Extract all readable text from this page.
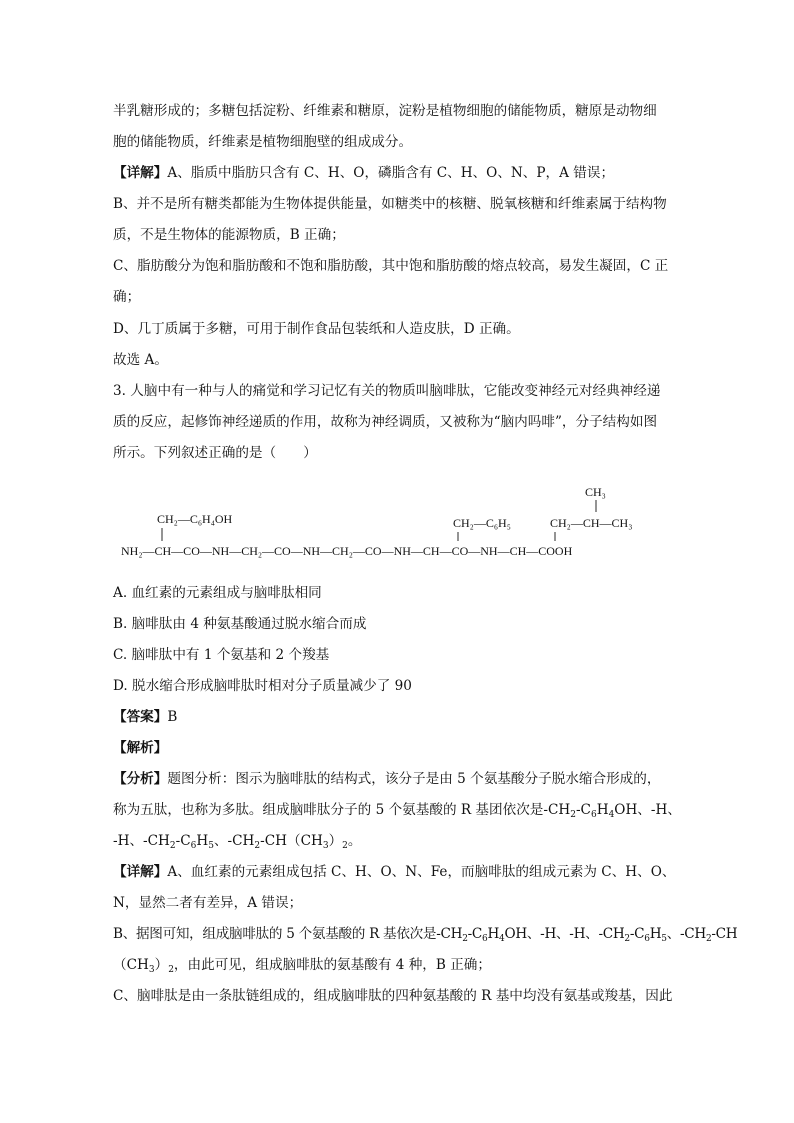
半乳糖形成的；多糖包括淀粉、纤维素和糖原，淀粉是植物细胞的储能物质，糖原是动物细
胞的储能物质，纤维素是植物细胞壁的组成成分。
【详解】A、脂质中脂肪只含有 C、H、O，磷脂含有 C、H、O、N、P，A 错误；
B、并不是所有糖类都能为生物体提供能量，如糖类中的核糖、脱氧核糖和纤维素属于结构物
质，不是生物体的能源物质，B 正确；
C、脂肪酸分为饱和脂肪酸和不饱和脂肪酸，其中饱和脂肪酸的熔点较高，易发生凝固，C 正
确；
D、几丁质属于多糖，可用于制作食品包装纸和人造皮肤，D 正确。
故选 A。
3. 人脑中有一种与人的痛觉和学习记忆有关的物质叫脑啡肽，它能改变神经元对经典神经递
质的反应，起修饰神经递质的作用，故称为神经调质，又被称为“脑内吗啡”，分子结构如图
所示。下列叙述正确的是（　　）
CH₃
CH₂—C₆H₄OH	CH₂—C₆H₅	CH₂—CH—CH₃
NH₂—CH—CO—NH—CH₂—CO—NH—CH₂—CO—NH—CH—CO—NH—CH—COOH
A. 血红素的元素组成与脑啡肽相同
B. 脑啡肽由 4 种氨基酸通过脱水缩合而成
C. 脑啡肽中有 1 个氨基和 2 个羧基
D. 脱水缩合形成脑啡肽时相对分子质量减少了 90
【答案】B
【解析】
【分析】题图分析：图示为脑啡肽的结构式，该分子是由 5 个氨基酸分子脱水缩合形成的，
称为五肽，也称为多肽。组成脑啡肽分子的 5 个氨基酸的 R 基团依次是$-CH_2-C_6H_4OH$、-H、
-H、$-CH_2-C_6H_5$、$-CH_2-CH(CH_3)_2$。
【详解】A、血红素的元素组成包括 C、H、O、N、Fe，而脑啡肽的组成元素为 C、H、O、
N，显然二者有差异，A 错误；
B、据图可知，组成脑啡肽的 5 个氨基酸的 R 基依次是$-CH_2-C_6H_4OH$、-H、-H、$-CH_2-C_6H_5$、$-CH_2-CH$
$(CH_3)_2$，由此可见，组成脑啡肽的氨基酸有 4 种，B 正确；
C、脑啡肽是由一条肽链组成的，组成脑啡肽的四种氨基酸的 R 基中均没有氨基或羧基，因此
